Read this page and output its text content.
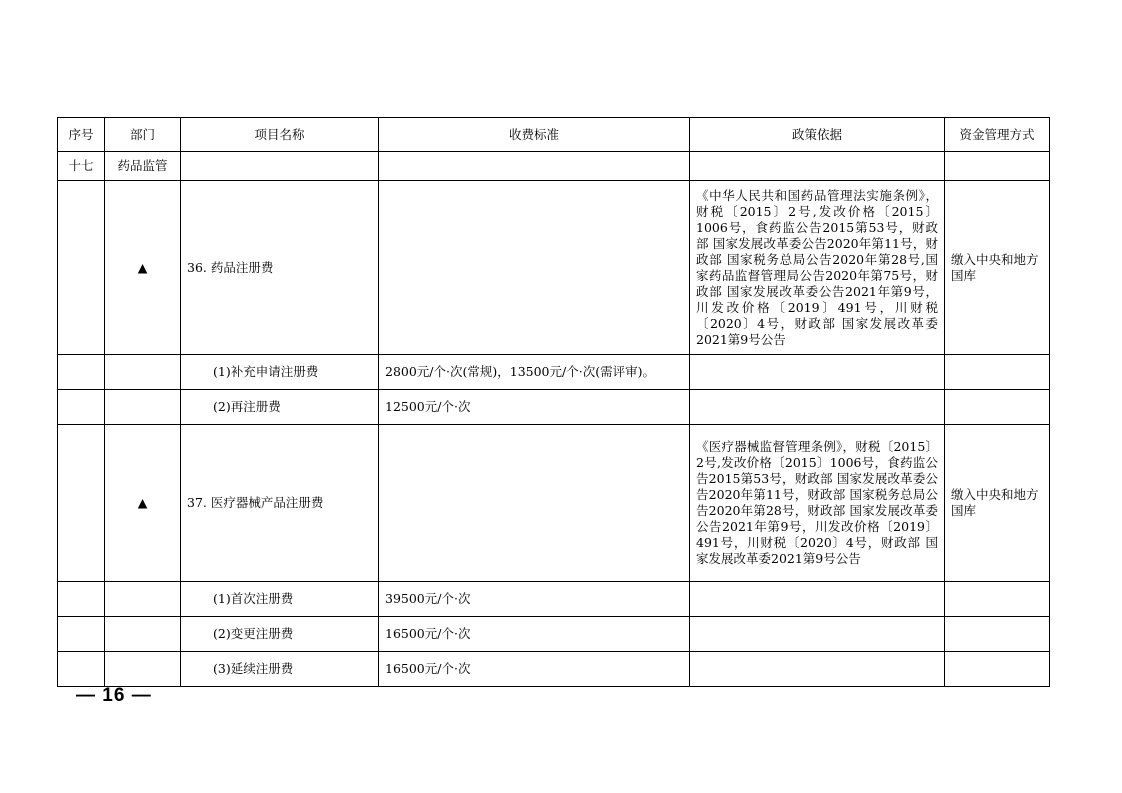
序号	部门	项目名称	收费标准	政策依据	资金管理方式
十七	药品监管				
	▲	36. 药品注册费		《中华人民共和国药品管理法实施条例》，财税〔2015〕2号,发改价格〔2015〕1006号，食药监公告2015第53号，财政部 国家发展改革委公告2020年第11号，财政部 国家税务总局公告2020年第28号,国家药品监督管理局公告2020年第75号，财政部 国家发展改革委公告2021年第9号，川发改价格〔2019〕491号，川财税〔2020〕4号，财政部 国家发展改革委2021第9号公告	缴入中央和地方国库
		(1)补充申请注册费	2800元/个·次(常规)，13500元/个·次(需评审)。		
		(2)再注册费	12500元/个·次		
	▲	37. 医疗器械产品注册费		《医疗器械监督管理条例》，财税〔2015〕2号,发改价格〔2015〕1006号，食药监公告2015第53号，财政部 国家发展改革委公告2020年第11号，财政部 国家税务总局公告2020年第28号，财政部 国家发展改革委公告2021年第9号，川发改价格〔2019〕491号，川财税〔2020〕4号，财政部 国家发展改革委2021第9号公告	缴入中央和地方国库
		(1)首次注册费	39500元/个·次		
		(2)变更注册费	16500元/个·次		
		(3)延续注册费	16500元/个·次		
— 16 —
